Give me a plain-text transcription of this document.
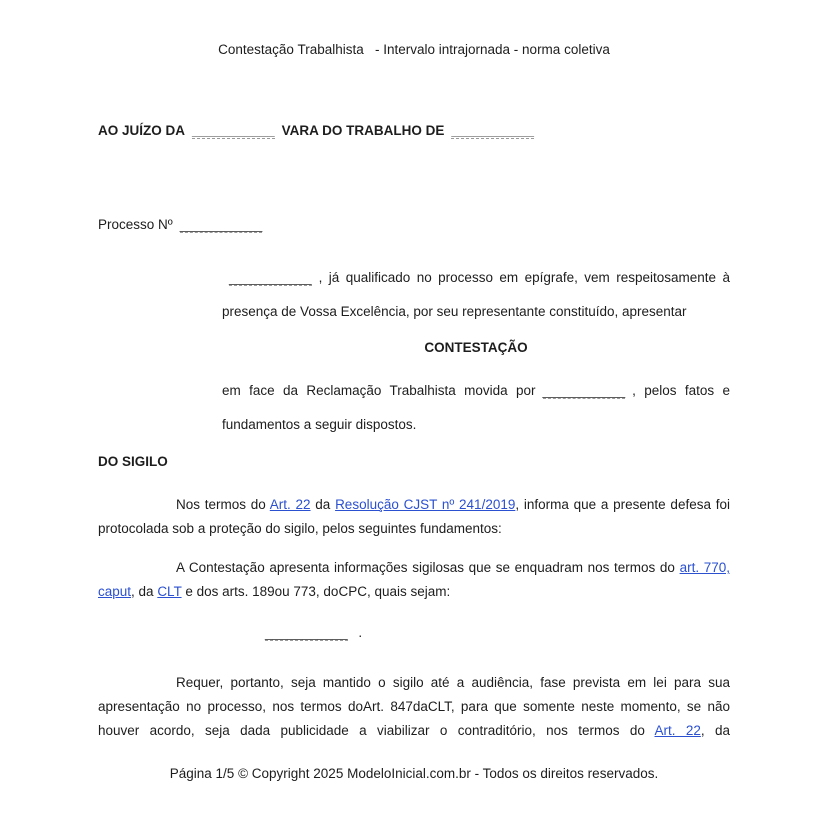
Contestação Trabalhista   - Intervalo intrajornada - norma coletiva
AO JUÍZO DA ___________ VARA DO TRABALHO DE ___________
Processo Nº ___________
___________ , já qualificado no processo em epígrafe, vem respeitosamente à presença de Vossa Excelência, por seu representante constituído, apresentar
CONTESTAÇÃO
em face da Reclamação Trabalhista movida por ___________ , pelos fatos e fundamentos a seguir dispostos.
DO SIGILO
Nos termos do Art. 22 da Resolução CJST nº 241/2019, informa que a presente defesa foi protocolada sob a proteção do sigilo, pelos seguintes fundamentos:
A Contestação apresenta informações sigilosas que se enquadram nos termos do art. 770, caput, da CLT e dos arts. 189ou 773, doCPC, quais sejam:
___________ .
Requer, portanto, seja mantido o sigilo até a audiência, fase prevista em lei para sua apresentação no processo, nos termos doArt. 847daCLT, para que somente neste momento, se não houver acordo, seja dada publicidade a viabilizar o contraditório, nos termos do Art. 22, da
Página 1/5 © Copyright 2025 ModeloInicial.com.br - Todos os direitos reservados.
